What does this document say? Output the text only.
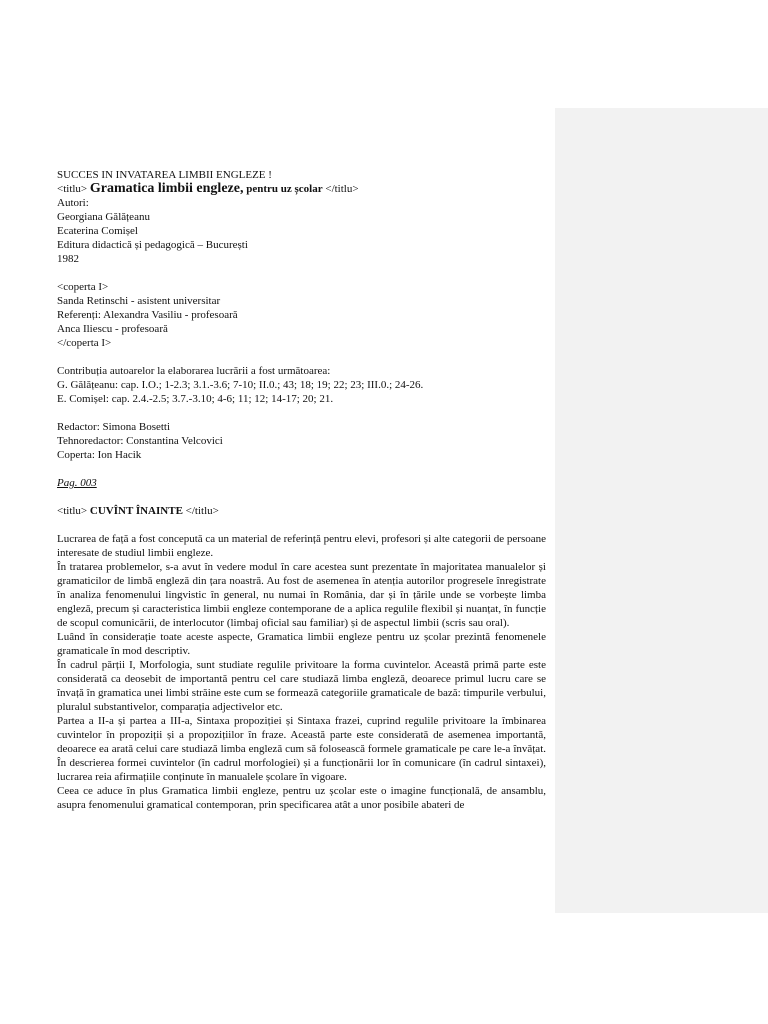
SUCCES IN INVATAREA LIMBII ENGLEZE !
<titlu> Gramatica limbii engleze, pentru uz școlar </titlu>
Autori:
Georgiana Gălățeanu
Ecaterina Comișel
Editura didactică și pedagogică – București
1982
<coperta I>
Sanda Retinschi - asistent universitar
Referenți: Alexandra Vasiliu - profesoară
Anca Iliescu - profesoară
</coperta I>
Contribuția autoarelor la elaborarea lucrării a fost următoarea:
G. Gălățeanu: cap. I.O.; 1-2.3; 3.1.-3.6; 7-10; II.0.; 43; 18; 19; 22; 23; III.0.; 24-26.
E. Comișel: cap. 2.4.-2.5; 3.7.-3.10; 4-6; 11; 12; 14-17; 20; 21.
Redactor: Simona Bosetti
Tehnoredactor: Constantina Velcovici
Coperta: Ion Hacik
Pag. 003
<titlu> CUVÎNT ÎNAINTE </titlu>
Lucrarea de față a fost concepută ca un material de referință pentru elevi, profesori și alte categorii de persoane interesate de studiul limbii engleze.
În tratarea problemelor, s-a avut în vedere modul în care acestea sunt prezentate în majoritatea manualelor și gramaticilor de limbă engleză din țara noastră. Au fost de asemenea în atenția autorilor progresele înregistrate în analiza fenomenului lingvistic în general, nu numai în România, dar și în țările unde se vorbește limba engleză, precum și caracteristica limbii engleze contemporane de a aplica regulile flexibil și nuanțat, în funcție de scopul comunicării, de interlocutor (limbaj oficial sau familiar) și de aspectul limbii (scris sau oral).
Luând în considerație toate aceste aspecte, Gramatica limbii engleze pentru uz școlar prezintă fenomenele gramaticale în mod descriptiv.
În cadrul părții I, Morfologia, sunt studiate regulile privitoare la forma cuvintelor. Această primă parte este considerată ca deosebit de importantă pentru cel care studiază limba engleză, deoarece primul lucru care se învață în gramatica unei limbi străine este cum se formează categoriile gramaticale de bază: timpurile verbului, pluralul substantivelor, comparația adjectivelor etc.
Partea a II-a și partea a III-a, Sintaxa propoziției și Sintaxa frazei, cuprind regulile privitoare la îmbinarea cuvintelor în propoziții și a propozițiilor în fraze. Această parte este considerată de asemenea importantă, deoarece ea arată celui care studiază limba engleză cum să folosească formele gramaticale pe care le-a învățat. În descrierea formei cuvintelor (în cadrul morfologiei) și a funcționării lor în comunicare (în cadrul sintaxei), lucrarea reia afirmațiile conținute în manualele școlare în vigoare.
Ceea ce aduce în plus Gramatica limbii engleze, pentru uz școlar este o imagine funcțională, de ansamblu, asupra fenomenului gramatical contemporan, prin specificarea atât a unor posibile abateri de
